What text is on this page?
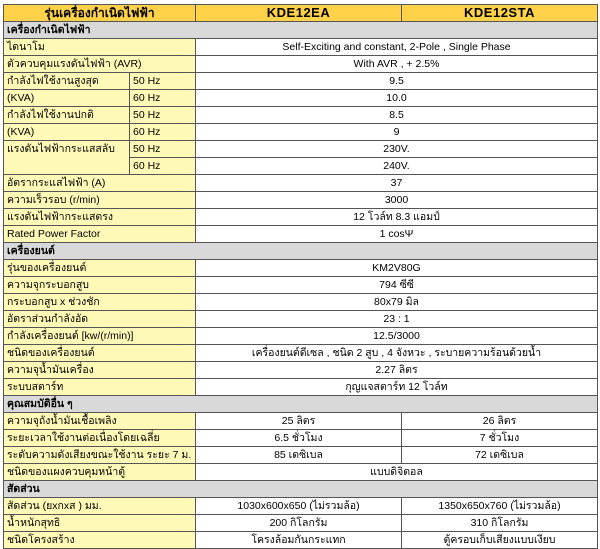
รุ่นเครื่องกำเนิดไฟฟ้า		KDE12EA	KDE12STA
เครื่องกำเนิดไฟฟ้า			
ไดนาโม		Self-Exciting and constant, 2-Pole , Single Phase	
ตัวควบคุมแรงดันไฟฟ้า (AVR)		With AVR , + 2.5%	
กำลังไฟใช้งานสูงสุด	50 Hz	9.5	
(KVA)	60 Hz	10.0	
กำลังไฟใช้งานปกติ	50 Hz	8.5	
(KVA)	60 Hz	9	
แรงดันไฟฟ้ากระแสสลับ	50 Hz	230V.	
	60 Hz	240V.	
อัตรากระแสไฟฟ้า (A)		37	
ความเร็วรอบ (r/min)		3000	
แรงดันไฟฟ้ากระแสตรง		12 โวล์ท 8.3 แอมป์	
Rated Power Factor		1 cosΨ	
เครื่องยนต์			
รุ่นของเครื่องยนต์		KM2V80G	
ความจุกระบอกสูบ		794 ซีซี	
กระบอกสูบ x ช่วงชัก		80x79 มิล	
อัตราส่วนกำลังอัด		23 : 1	
กำลังเครื่องยนต์ [kw/(r/min)]		12.5/3000	
ชนิดของเครื่องยนต์		เครื่องยนต์ดีเซล , ชนิด 2 สูบ , 4 จังหวะ , ระบายความร้อนด้วยน้ำ	
ความจุน้ำมันเครื่อง		2.27 ลิตร	
ระบบสตาร์ท		กุญแจสตาร์ท 12 โวล์ท	
คุณสมบัติอื่น ๆ			
ความจุถังน้ำมันเชื้อเพลิง		25 ลิตร	26 ลิตร
ระยะเวลาใช้งานต่อเนื่องโดยเฉลี่ย		6.5 ชั่วโมง	7 ชั่วโมง
ระดับความดังเสียงขณะใช้งาน ระยะ 7 ม.		85 เดซิเบล	72 เดซิเบล
ชนิดของแผงควบคุมหน้าตู้		แบบดิจิตอล	
สัดส่วน			
สัดส่วน (ยxกxส ) มม.		1030x600x650 (ไม่รวมล้อ)	1350x650x760 (ไม่รวมล้อ)
น้ำหนักสุทธิ		200 กิโลกรัม	310 กิโลกรัม
ชนิดโครงสร้าง		โครงล้อมกันกระแทก	ตู้ครอบเก็บเสียงแบบเงียบ
